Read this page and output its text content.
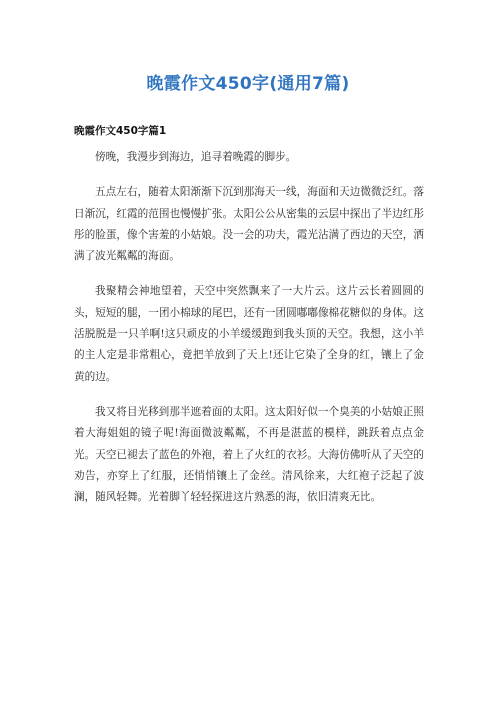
晚霞作文450字(通用7篇)
晚霞作文450字篇1

傍晚，我漫步到海边，追寻着晚霞的脚步。

五点左右，随着太阳渐渐下沉到那海天一线，海面和天边微微泛红。落日渐沉，红霞的范围也慢慢扩张。太阳公公从密集的云层中探出了半边红彤彤的脸蛋，像个害羞的小姑娘。没一会的功夫，霞光沾满了西边的天空，洒满了波光粼粼的海面。

我聚精会神地望着，天空中突然飘来了一大片云。这片云长着圆圆的头，短短的腿，一团小棉球的尾巴，还有一团圆嘟嘟像棉花糖似的身体。这活脱脱是一只羊啊!这只顽皮的小羊缓缓跑到我头顶的天空。我想，这小羊的主人定是非常粗心，竟把羊放到了天上!还让它染了全身的红，镶上了金黄的边。

我又将目光移到那半遮着面的太阳。这太阳好似一个臭美的小姑娘正照着大海姐姐的镜子呢!海面微波粼粼，不再是湛蓝的模样，跳跃着点点金光。天空已褪去了蓝色的外袍，着上了火红的衣衫。大海仿佛听从了天空的劝告，亦穿上了红服，还悄悄镶上了金丝。清风徐来，大红袍子泛起了波澜，随风轻舞。光着脚丫轻轻探进这片熟悉的海，依旧清爽无比。
